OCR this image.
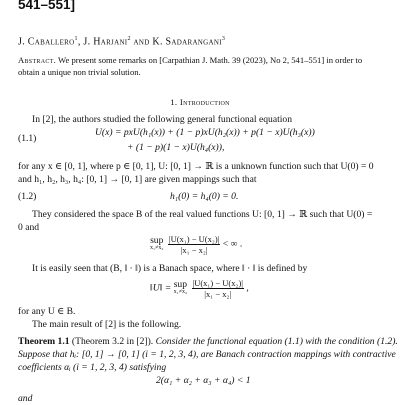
541–551]
J. Caballero$^1$, J. Harjani$^2$ and K. Sadarangani$^3$
Abstract. We present some remarks on [Carpathian J. Math. 39 (2023), No 2, 541–551] in order to obtain a unique non trivial solution.
1. Introduction
In [2], the authors studied the following general functional equation
(1.1)
U(x) = pxU(h₁(x)) + (1 − p)xU(h₂(x)) + p(1 − x)U(h₃(x))
+ (1 − p)(1 − x)U(h₄(x)),
for any x ∈ [0, 1], where p ∈ [0, 1], U: [0, 1] → ℝ is a unknown function such that U(0) = 0
and h₁, h₂, h₃, h₄: [0, 1] → [0, 1] are given mappings such that
(1.2)	h₁(0) = h₄(0) = 0.
They considered the space B of the real valued functions U: [0, 1] → ℝ such that U(0) =
0 and
sup
x₁≠x₂
$\frac{\text{|U(x₁) − U(x₂)|}}{\text{|x₁ − x₂|}}$ < ∞ .
It is easily seen that (B, ‖ · ‖) is a Banach space, where ‖ · ‖ is defined by
‖U‖ = sup
x₁≠x₂
$\frac{\text{|U(x₁) − U(x₂)|}}{\text{|x₁ − x₂|}}$ ,
for any U ∈ B.
The main result of [2] is the following.
Theorem 1.1 (Theorem 3.2 in [2]). Consider the functional equation (1.1) with the condition (1.2).
Suppose that hᵢ: [0, 1] → [0, 1] (i = 1, 2, 3, 4), are Banach contraction mappings with contractive
coefficients αᵢ (i = 1, 2, 3, 4) satisfying
2(α₁ + α₂ + α₃ + α₄) < 1
and
